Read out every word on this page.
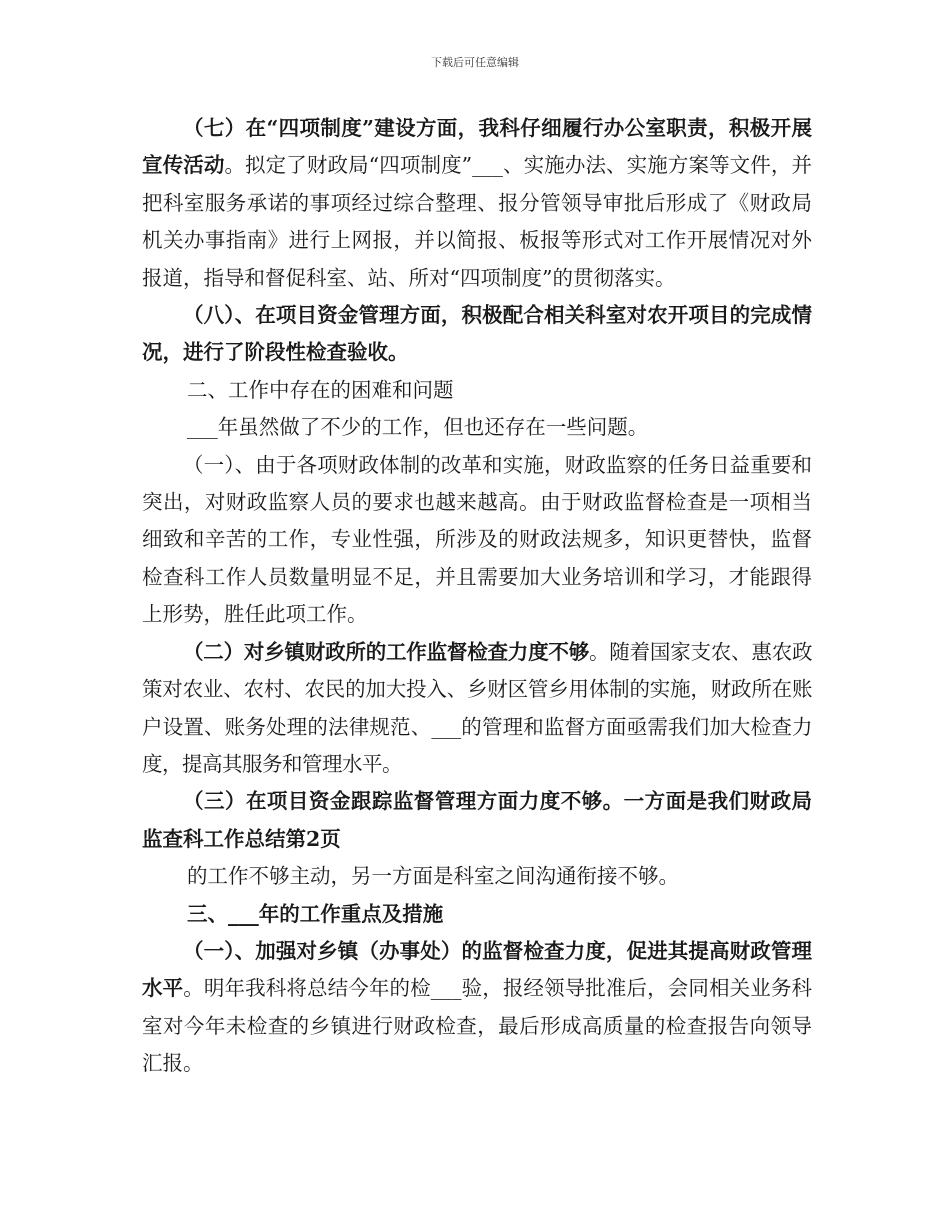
下载后可任意编辑

（七）在“四项制度”建设方面，我科仔细履行办公室职责，积极开展宣传活动。拟定了财政局“四项制度”___、实施办法、实施方案等文件，并把科室服务承诺的事项经过综合整理、报分管领导审批后形成了《财政局机关办事指南》进行上网报，并以简报、板报等形式对工作开展情况对外报道，指导和督促科室、站、所对“四项制度”的贯彻落实。

（八）、在项目资金管理方面，积极配合相关科室对农开项目的完成情况，进行了阶段性检查验收。

二、工作中存在的困难和问题

___年虽然做了不少的工作，但也还存在一些问题。

（一）、由于各项财政体制的改革和实施，财政监察的任务日益重要和突出，对财政监察人员的要求也越来越高。由于财政监督检查是一项相当细致和辛苦的工作，专业性强，所涉及的财政法规多，知识更替快，监督检查科工作人员数量明显不足，并且需要加大业务培训和学习，才能跟得上形势，胜任此项工作。

（二）对乡镇财政所的工作监督检查力度不够。随着国家支农、惠农政策对农业、农村、农民的加大投入、乡财区管乡用体制的实施，财政所在账户设置、账务处理的法律规范、___的管理和监督方面亟需我们加大检查力度，提高其服务和管理水平。

（三）在项目资金跟踪监督管理方面力度不够。一方面是我们财政局监查科工作总结第2页

的工作不够主动，另一方面是科室之间沟通衔接不够。

三、___年的工作重点及措施

（一）、加强对乡镇（办事处）的监督检查力度，促进其提高财政管理水平。明年我科将总结今年的检___验，报经领导批准后，会同相关业务科室对今年未检查的乡镇进行财政检查，最后形成高质量的检查报告向领导汇报。
